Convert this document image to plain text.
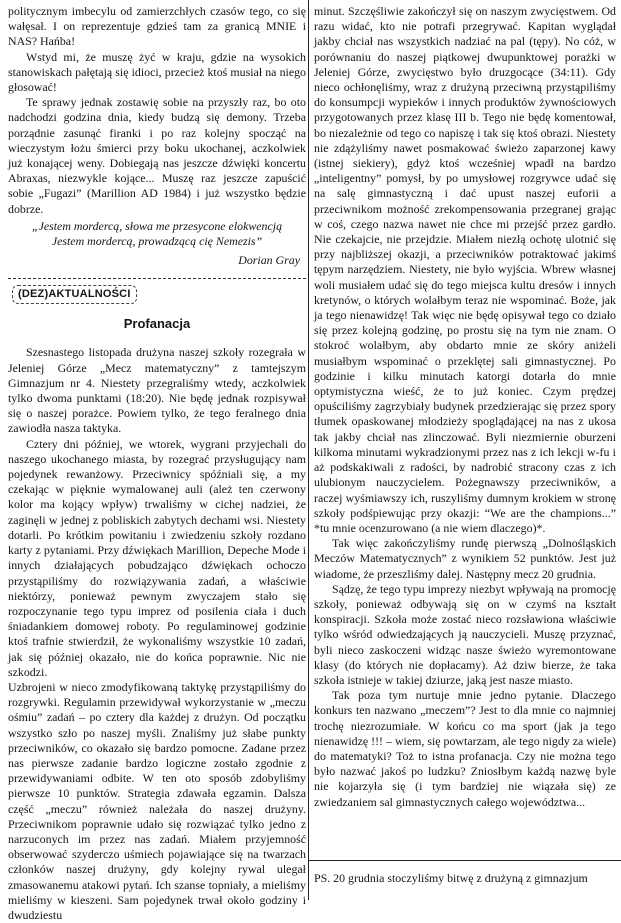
politycznym imbecylu od zamierzchłych czasów tego, co się wałęsał. I on reprezentuje gdzieś tam za granicą MNIE i NAS? Hańba!

Wstyd mi, że muszę żyć w kraju, gdzie na wysokich stanowiskach pałętają się idioci, przecież ktoś musiał na niego głosować!

Te sprawy jednak zostawię sobie na przyszły raz, bo oto nadchodzi godzina dnia, kiedy budzą się demony. Trzeba porządnie zasunąć firanki i po raz kolejny spocząć na wieczystym łożu śmierci przy boku ukochanej, aczkolwiek już konającej weny. Dobiegają nas jeszcze dźwięki koncertu Abraxas, niezwykle kojące... Muszę raz jeszcze zapuścić sobie „Fugazi” (Marillion AD 1984) i już wszystko będzie dobrze.

„Jestem mordercą, słowa me przesycone elokwencją
Jestem mordercą, prowadzącą cię Nemezis”
Dorian Gray
(DEZ)AKTUALNOŚCI
Profanacja

Szesnastego listopada drużyna naszej szkoły rozegrała w Jeleniej Górze „Mecz matematyczny” z tamtejszym Gimnazjum nr 4. Niestety przegraliśmy wtedy, aczkolwiek tylko dwoma punktami (18:20). Nie będę jednak rozpisywał się o naszej porażce. Powiem tylko, że tego feralnego dnia zawiodła nasza taktyka.

Cztery dni później, we wtorek, wygrani przyjechali do naszego ukochanego miasta, by rozegrać przysługujący nam pojedynek rewanżowy. Przeciwnicy spóźniali się, a my czekając w pięknie wymalowanej auli (ależ ten czerwony kolor ma kojący wpływ) trwaliśmy w cichej nadziei, że zaginęli w jednej z pobliskich zabytych dechami wsi. Niestety dotarli. Po krótkim powitaniu i zwiedzeniu szkoły rozdano karty z pytaniami. Przy dźwiękach Marillion, Depeche Mode i innych działających pobudzająco dźwiękach ochoczo przystąpiliśmy do rozwiązywania zadań, a właściwie niektórzy, ponieważ pewnym zwyczajem stało się rozpoczynanie tego typu imprez od posilenia ciała i duch śniadankiem domowej roboty. Po regulaminowej godzinie ktoś trafnie stwierdził, że wykonaliśmy wszystkie 10 zadań, jak się później okazało, nie do końca poprawnie. Nic nie szkodzi.

Uzbrojeni w nieco zmodyfikowaną taktykę przystąpiliśmy do rozgrywki. Regulamin przewidywał wykorzystanie w „meczu ośmiu” zadań – po cztery dla każdej z drużyn. Od początku wszystko szło po naszej myśli. Znaliśmy już słabe punkty przeciwników, co okazało się bardzo pomocne. Zadane przez nas pierwsze zadanie bardzo logiczne zostało zgodnie z przewidywaniami odbite. W ten oto sposób zdobyliśmy pierwsze 10 punktów. Strategia zdawała egzamin. Dalsza część „meczu” również należała do naszej drużyny. Przeciwnikom poprawnie udało się rozwiązać tylko jedno z narzuconych im przez nas zadań. Miałem przyjemność obserwować szyderczo uśmiech pojawiające się na twarzach członków naszej drużyny, gdy kolejny rywal ulegał zmasowanemu atakowi pytań. Ich szanse topniały, a mieliśmy mieliśmy w kieszeni. Sam pojedynek trwał około godziny i dwudziestu

minut. Szczęśliwie zakończył się on naszym zwycięstwem. Od razu widać, kto nie potrafi przegrywać. Kapitan wyglądał jakby chciał nas wszystkich nadziać na pal (tępy). No cóż, w porównaniu do naszej piątkowej dwupunktowej porażki w Jeleniej Górze, zwycięstwo było druzgocące (34:11). Gdy nieco ochłonęliśmy, wraz z drużyną przeciwną przystąpiliśmy do konsumpcji wypieków i innych produktów żywnościowych przygotowanych przez klasę III b. Tego nie będę komentował, bo niezależnie od tego co napiszę i tak się ktoś obrazi. Niestety nie zdążyliśmy nawet posmakować świeżo zaparzonej kawy (istnej siekiery), gdyż ktoś wcześniej wpadł na bardzo „inteligentny” pomysł, by po umysłowej rozgrywce udać się na salę gimnastyczną i dać upust naszej euforii a przeciwnikom możność zrekompensowania przegranej grając w coś, czego nazwa nawet nie chce mi przejść przez gardło. Nie czekajcie, nie przejdzie. Miałem niezłą ochotę ulotnić się przy najbliższej okazji, a przeciwników potraktować jakimś tępym narzędziem. Niestety, nie było wyjścia. Wbrew własnej woli musiałem udać się do tego miejsca kultu dresów i innych kretynów, o których wolałbym teraz nie wspominać. Boże, jak ja tego nienawidzę! Tak więc nie będę opisywał tego co działo się przez kolejną godzinę, po prostu się na tym nie znam. O stokroć wolałbym, aby obdarto mnie ze skóry aniżeli musiałbym wspominać o przeklętej sali gimnastycznej. Po godzinie i kilku minutach katorgi dotarła do mnie optymistyczna wieść, że to już koniec. Czym prędzej opuściliśmy zagrzybiały budynek przedzierając się przez spory tłumek opaskowanej młodzieży spoglądającej na nas z ukosa tak jakby chciał nas zlinczować. Byli niezmiernie oburzeni kilkoma minutami wykradzionymi przez nas z ich lekcji w-fu i aż podskakiwali z radości, by nadrobić stracony czas z ich ulubionym nauczycielem. Pożegnawszy przeciwników, a raczej wyśmiawszy ich, ruszyliśmy dumnym krokiem w stronę szkoły podśpiewując przy okazji: “We are the champions...” *tu mnie ocenzurowano (a nie wiem dlaczego)*.

Tak więc zakończyliśmy rundę pierwszą „Dolnośląskich Meczów Matematycznych” z wynikiem 52 punktów. Jest już wiadome, że przeszliśmy dalej. Następny mecz 20 grudnia.

Sądzę, że tego typu imprezy niezbyt wpływają na promocję szkoły, ponieważ odbywają się on w czymś na kształt konspiracji. Szkoła może zostać nieco rozsławiona właściwie tylko wśród odwiedzających ją nauczycieli. Muszę przyznać, byli nieco zaskoczeni widząc nasze świeżo wyremontowane klasy (do których nie dopłacamy). Aż dziw bierze, że taka szkoła istnieje w takiej dziurze, jaką jest nasze miasto.

Tak poza tym nurtuje mnie jedno pytanie. Dlaczego konkurs ten nazwano „meczem”? Jest to dla mnie co najmniej trochę niezrozumiałe. W końcu co ma sport (jak ja tego nienawidzę !!! – wiem, się powtarzam, ale tego nigdy za wiele) do matematyki? Toż to istna profanacja. Czy nie można tego było nazwać jakoś po ludzku? Zniosłbym każdą nazwę byle nie kojarzyła się (i tym bardziej nie wiązała się) ze zwiedzaniem sal gimnastycznych całego województwa...

PS. 20 grudnia stoczyliśmy bitwę z drużyną z gimnazjum
